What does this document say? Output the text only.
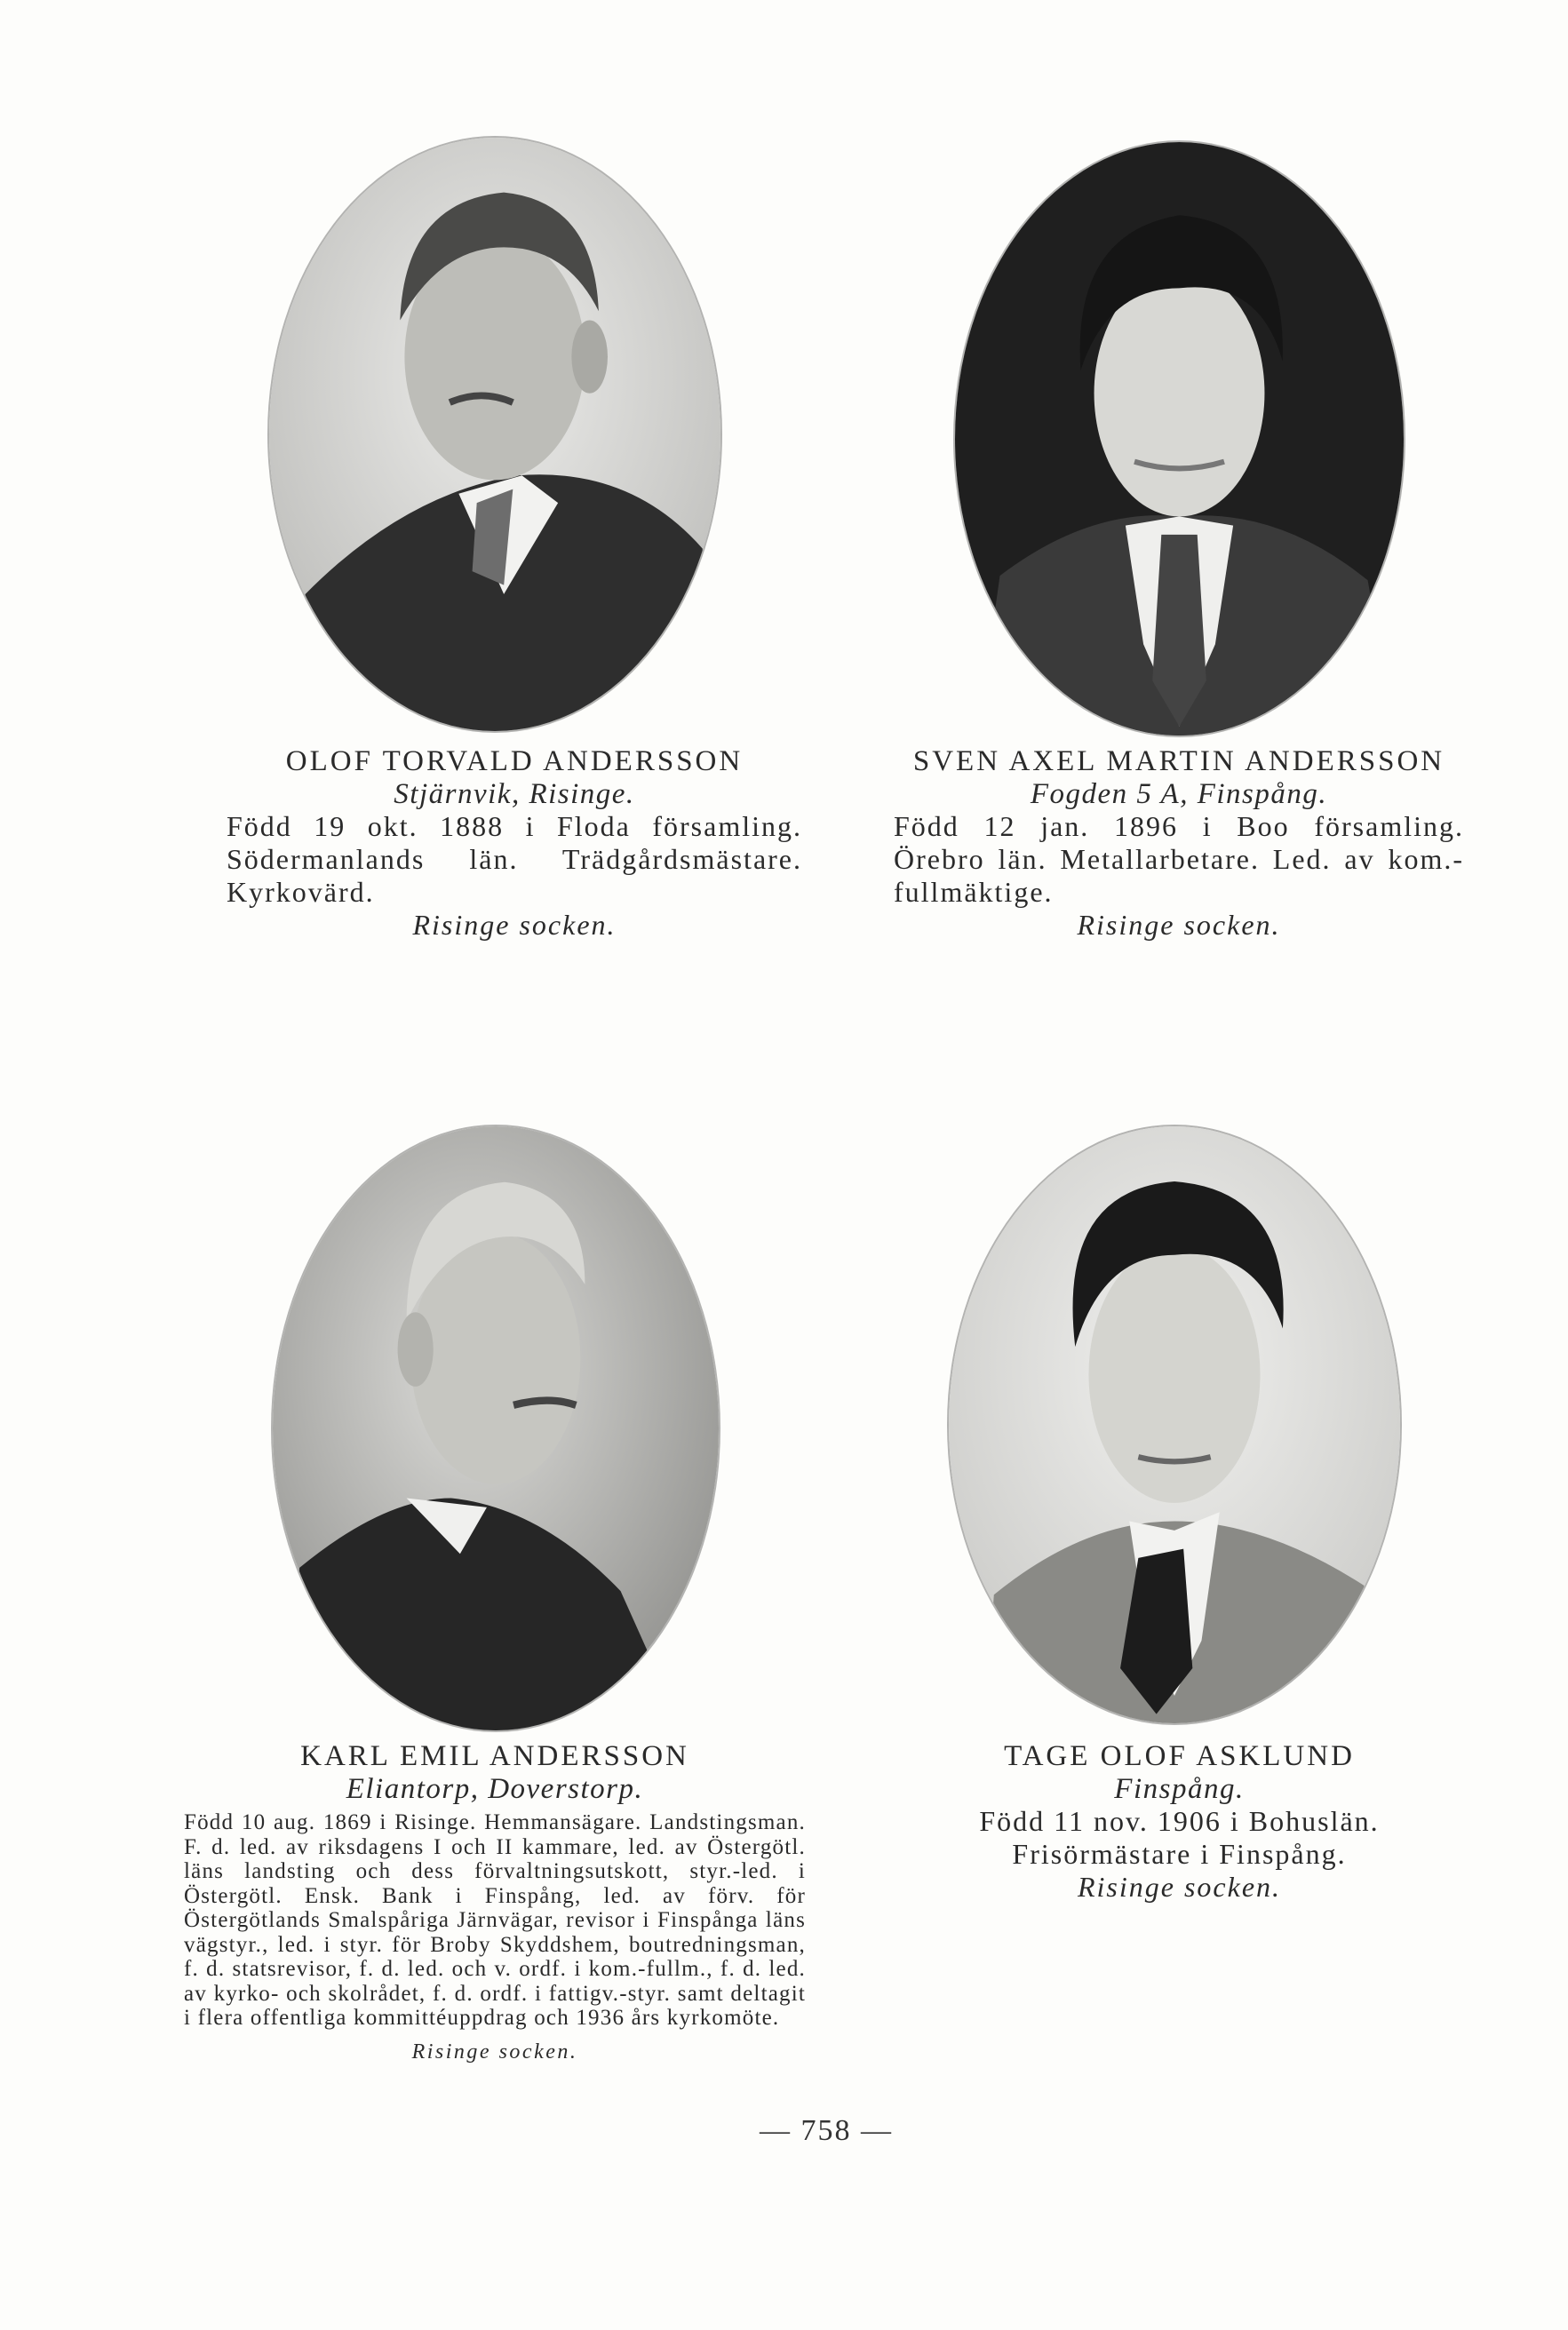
OLOF TORVALD ANDERSSON

Stjärnvik, Risinge.

Född 19 okt. 1888 i Floda församling. Södermanlands län. Trädgårdsmästare. Kyrkovärd.

Risinge socken.

SVEN AXEL MARTIN ANDERSSON

Fogden 5 A, Finspång.

Född 12 jan. 1896 i Boo församling. Örebro län. Metallarbetare. Led. av kom.-fullmäktige.

Risinge socken.

KARL EMIL ANDERSSON

Eliantorp, Doverstorp.

Född 10 aug. 1869 i Risinge. Hemmansägare. Landstingsman. F. d. led. av riksdagens I och II kammare, led. av Östergötl. läns landsting och dess förvaltningsutskott, styr.-led. i Östergötl. Ensk. Bank i Finspång, led. av förv. för Östergötlands Smalspåriga Järnvägar, revisor i Finspånga läns vägstyr., led. i styr. för Broby Skyddshem, boutredningsman, f. d. statsrevisor, f. d. led. och v. ordf. i kom.-fullm., f. d. led. av kyrko- och skolrådet, f. d. ordf. i fattigv.-styr. samt deltagit i flera offentliga kommittéuppdrag och 1936 års kyrkomöte.

Risinge socken.

TAGE OLOF ASKLUND

Finspång.

Född 11 nov. 1906 i Bohuslän. Frisörmästare i Finspång.

Risinge socken.

— 758 —
